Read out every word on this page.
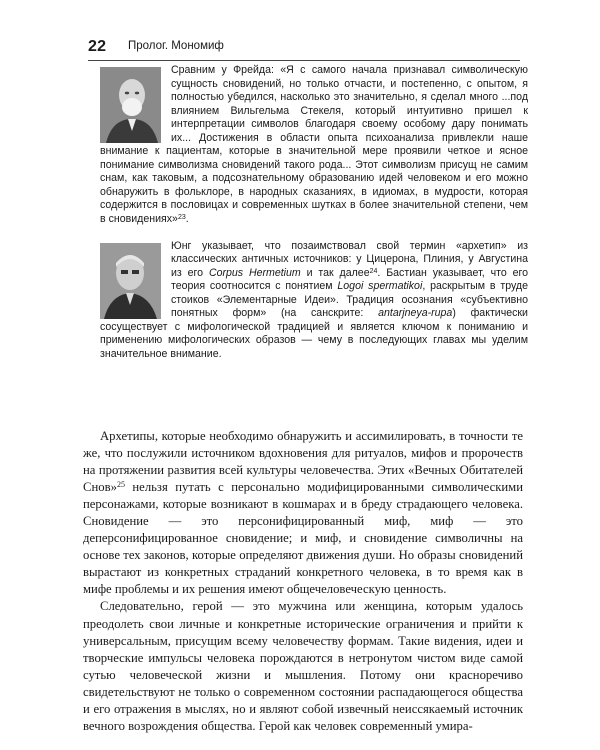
22 Пролог. Мономиф

Сравним у Фрейда: «Я с самого начала признавал символическую сущность сновидений, но только отчасти, и постепенно, с опытом, я полностью убедился, насколько это значительно, я сделал много ...под влиянием Вильгельма Стекеля, который интуитивно пришел к интерпретации символов благодаря своему особому дару понимать их... Достижения в области опыта психоанализа привлекли наше внимание к пациентам, которые в значительной мере проявили четкое и ясное понимание символизма сновидений такого рода... Этот символизм присущ не самим снам, как таковым, а подсознательному образованию идей человеком и его можно обнаружить в фольклоре, в народных сказаниях, в идиомах, в мудрости, которая содержится в пословицах и современных шутках в более значительной степени, чем в сновидениях»$^{23}$.

Юнг указывает, что позаимствовал свой термин «архетип» из классических античных источников: у Цицерона, Плиния, у Августина из его Corpus Hermetium и так далее$^{24}$. Бастиан указывает, что его теория соотносится с понятием Logoi spermatikoi, раскрытым в труде стоиков «Элементарные Идеи». Традиция осознания «субъективно понятных форм» (на санскрите: antarjneya-rupa) фактически сосуществует с мифологической традицией и является ключом к пониманию и применению мифологических образов — чему в последующих главах мы уделим значительное внимание.

Архетипы, которые необходимо обнаружить и ассимилировать, в точности те же, что послужили источником вдохновения для ритуалов, мифов и пророчеств на протяжении развития всей культуры человечества. Этих «Вечных Обитателей Снов»$^{25}$ нельзя путать с персонально модифицированными символическими персонажами, которые возникают в кошмарах и в бреду страдающего человека. Сновидение — это персонифицированный миф, миф — это деперсонифицированное сновидение; и миф, и сновидение символичны на основе тех законов, которые определяют движения души. Но образы сновидений вырастают из конкретных страданий конкретного человека, в то время как в мифе проблемы и их решения имеют общечеловеческую ценность.

Следовательно, герой — это мужчина или женщина, которым удалось преодолеть свои личные и конкретные исторические ограничения и прийти к универсальным, присущим всему человечеству формам. Такие видения, идеи и творческие импульсы человека порождаются в нетронутом чистом виде самой сутью человеческой жизни и мышления. Потому они красноречиво свидетельствуют не только о современном состоянии распадающегося общества и его отражения в мыслях, но и являют собой извечный неиссякаемый источник вечного возрождения общества. Герой как человек современный умира-
